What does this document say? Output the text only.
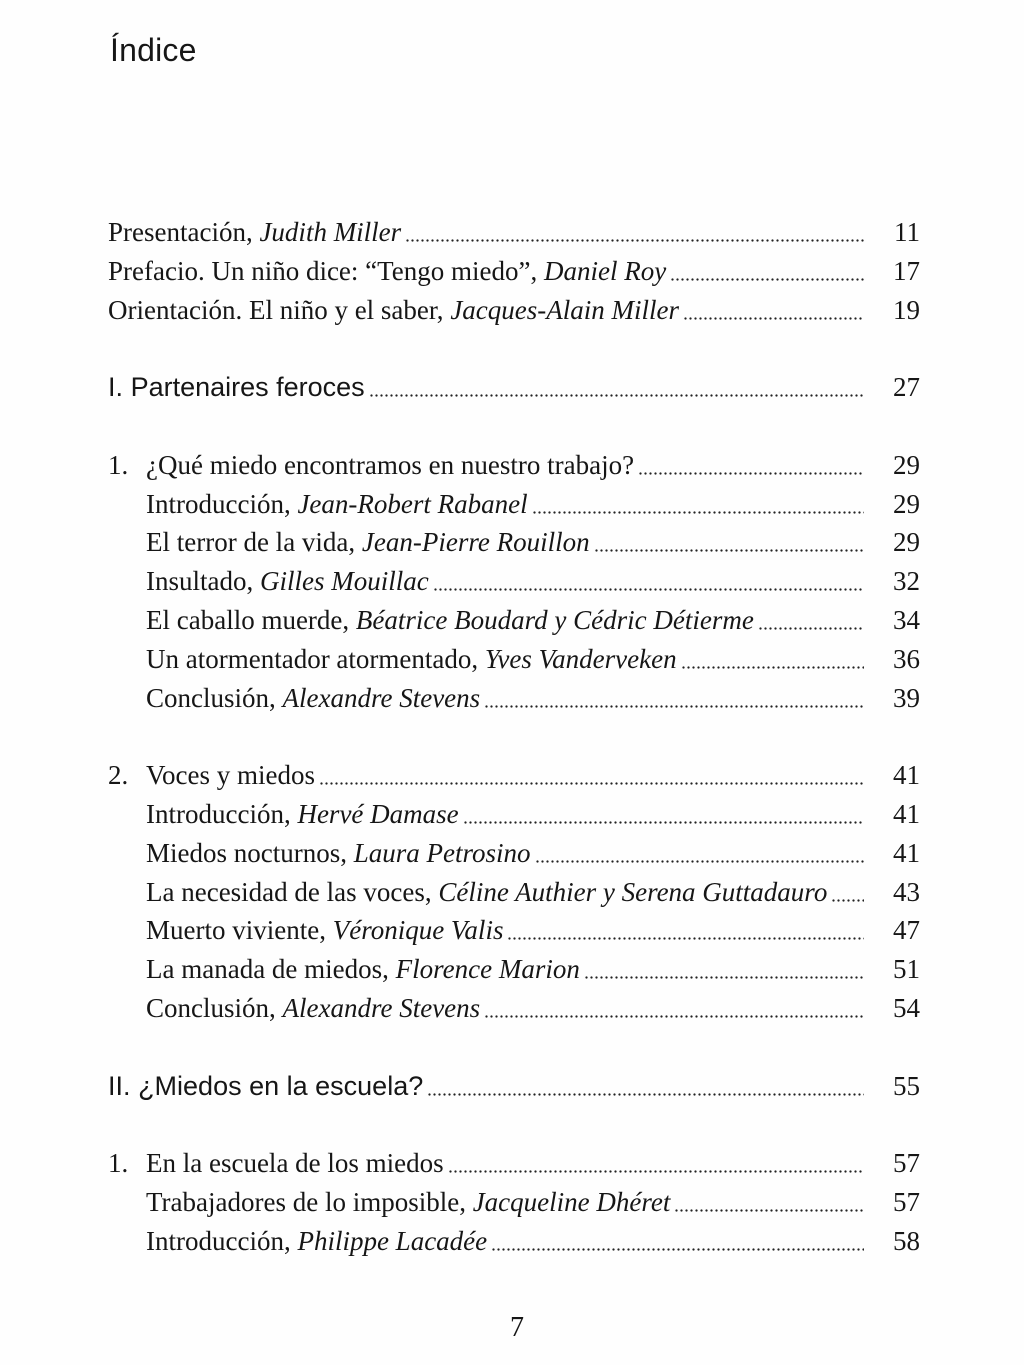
Índice
Presentación, Judith Miller	11
Prefacio. Un niño dice: “Tengo miedo”, Daniel Roy	17
Orientación. El niño y el saber, Jacques-Alain Miller	19
I. Partenaires feroces	27
1. ¿Qué miedo encontramos en nuestro trabajo?	29
Introducción, Jean-Robert Rabanel	29
El terror de la vida, Jean-Pierre Rouillon	29
Insultado, Gilles Mouillac	32
El caballo muerde, Béatrice Boudard y Cédric Détierme	34
Un atormentador atormentado, Yves Vanderveken	36
Conclusión, Alexandre Stevens	39
2. Voces y miedos	41
Introducción, Hervé Damase	41
Miedos nocturnos, Laura Petrosino	41
La necesidad de las voces, Céline Authier y Serena Guttadauro	43
Muerto viviente, Véronique Valis	47
La manada de miedos, Florence Marion	51
Conclusión, Alexandre Stevens	54
II. ¿Miedos en la escuela?	55
1. En la escuela de los miedos	57
Trabajadores de lo imposible, Jacqueline Dhéret	57
Introducción, Philippe Lacadée	58
7
